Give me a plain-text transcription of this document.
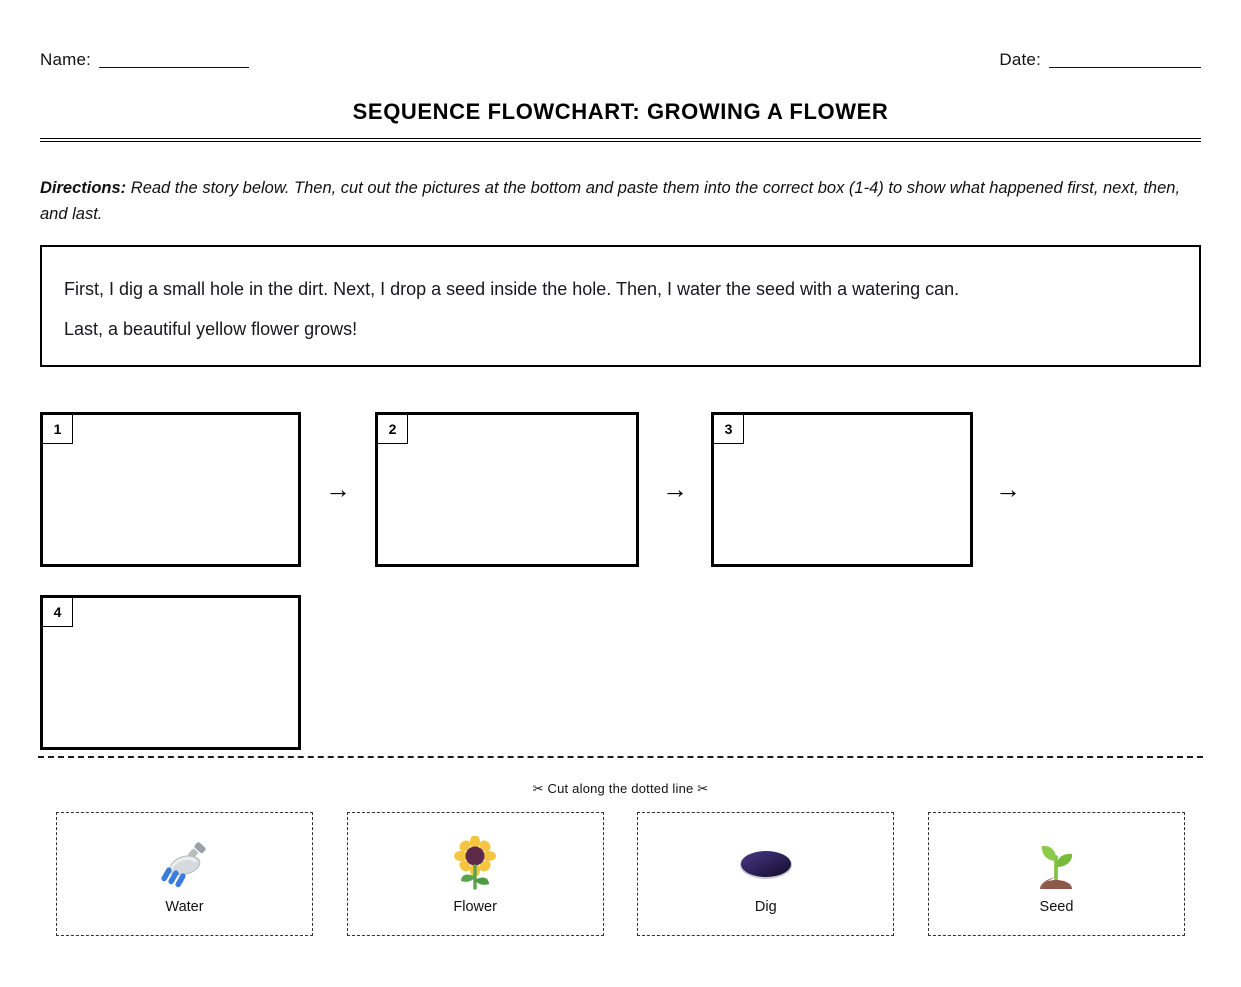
Name:	Date:
SEQUENCE FLOWCHART: GROWING A FLOWER
Directions: Read the story below. Then, cut out the pictures at the bottom and paste them into the correct box (1-4) to show what happened first, next, then, and last.
First, I dig a small hole in the dirt. Next, I drop a seed inside the hole. Then, I water the seed with a watering can.
Last, a beautiful yellow flower grows!
1
→
2
→
3
→
4
✂ Cut along the dotted line ✂
Water	Flower	Dig	Seed
